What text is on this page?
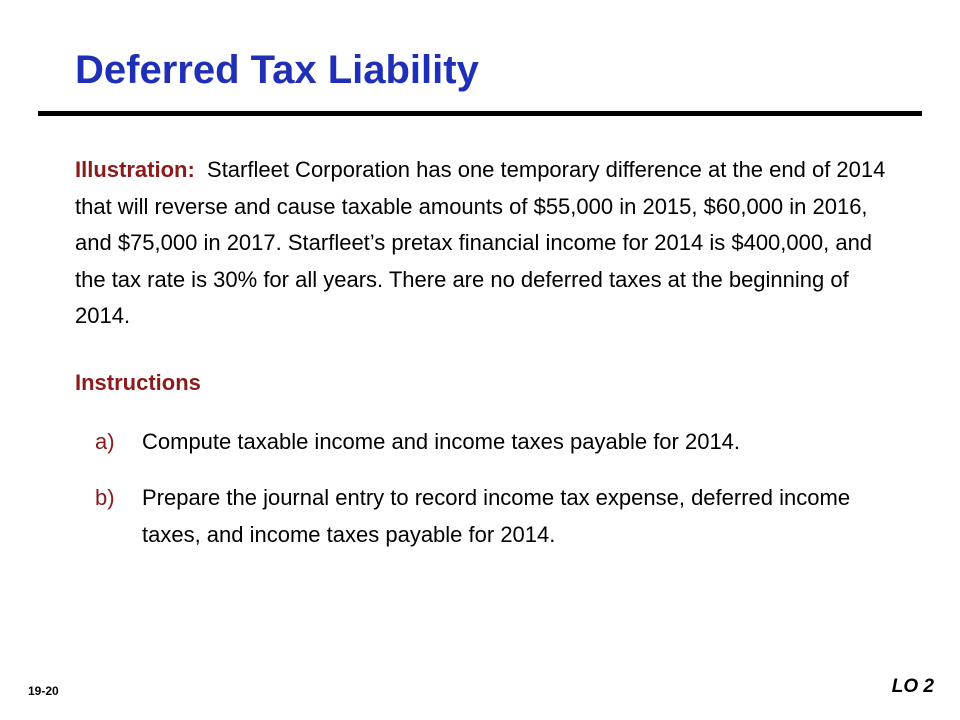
Deferred Tax Liability
Illustration: Starfleet Corporation has one temporary difference at the end of 2014 that will reverse and cause taxable amounts of $55,000 in 2015, $60,000 in 2016, and $75,000 in 2017. Starfleet’s pretax financial income for 2014 is $400,000, and the tax rate is 30% for all years. There are no deferred taxes at the beginning of 2014.
Instructions
a)	Compute taxable income and income taxes payable for 2014.
b)	Prepare the journal entry to record income tax expense, deferred income taxes, and income taxes payable for 2014.
19-20	LO 2
